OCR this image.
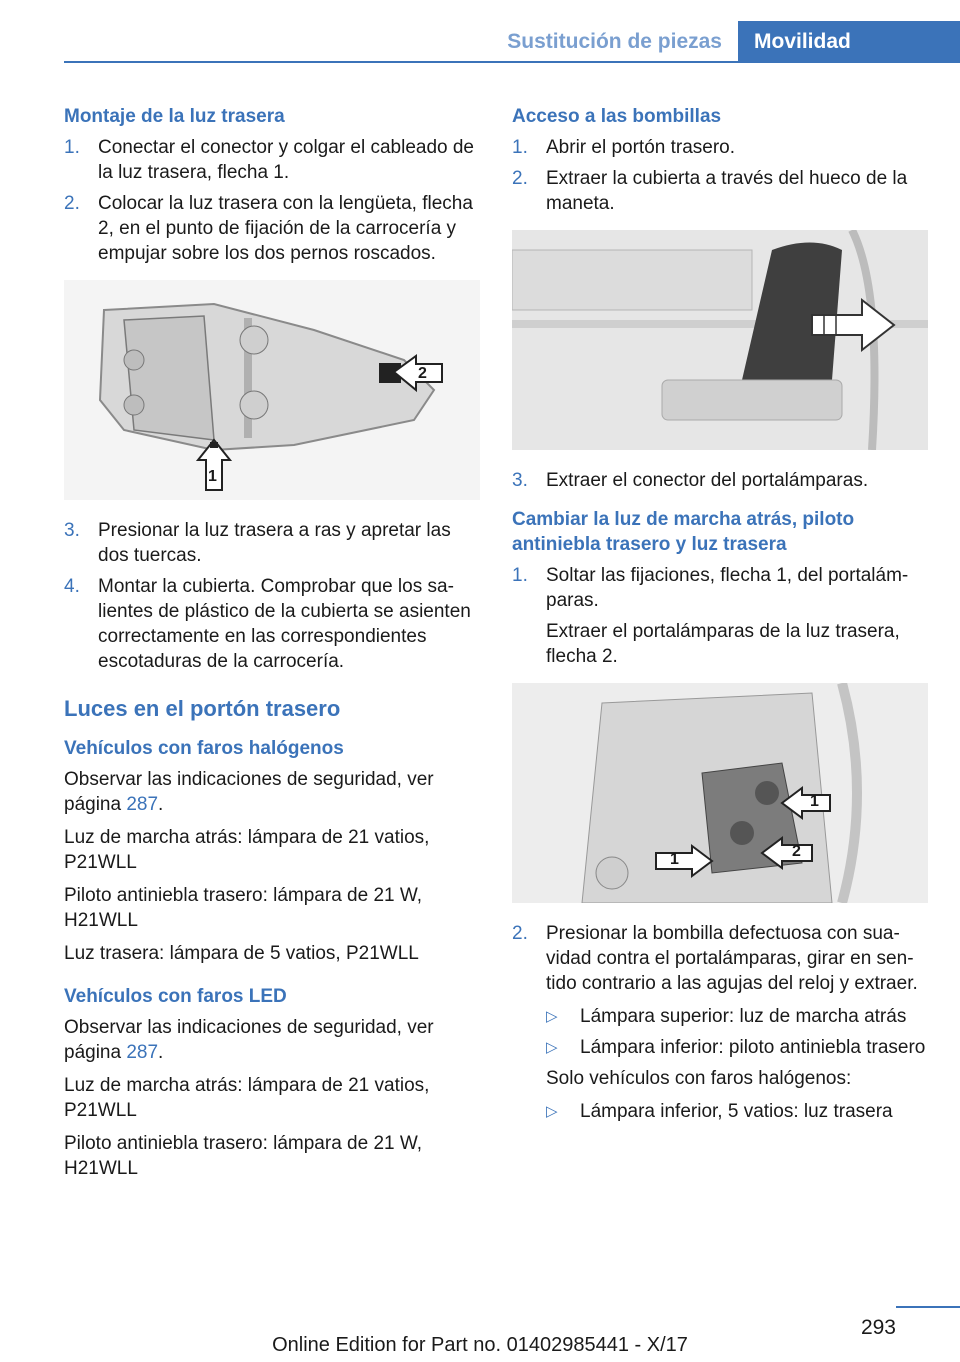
Sustitución de piezas	Movilidad
Montaje de la luz trasera
1. Conectar el conector y colgar el cableado de la luz trasera, flecha 1.
2. Colocar la luz trasera con la lengüeta, flecha 2, en el punto de fijación de la carrocería y empujar sobre los dos pernos roscados.
1
2
3. Presionar la luz trasera a ras y apretar las dos tuercas.
4. Montar la cubierta. Comprobar que los salientes de plástico de la cubierta se asienten correctamente en las correspondientes escotaduras de la carrocería.
Luces en el portón trasero
Vehículos con faros halógenos

Observar las indicaciones de seguridad, ver página 287.

Luz de marcha atrás: lámpara de 21 vatios, P21WLL

Piloto antiniebla trasero: lámpara de 21 W, H21WLL

Luz trasera: lámpara de 5 vatios, P21WLL

Vehículos con faros LED

Observar las indicaciones de seguridad, ver página 287.

Luz de marcha atrás: lámpara de 21 vatios, P21WLL

Piloto antiniebla trasero: lámpara de 21 W, H21WLL

Acceso a las bombillas
1. Abrir el portón trasero.
2. Extraer la cubierta a través del hueco de la maneta.
3. Extraer el conector del portalámparas.
Cambiar la luz de marcha atrás, piloto antiniebla trasero y luz trasera
1. Soltar las fijaciones, flecha 1, del portalámparas.

Extraer el portalámparas de la luz trasera, flecha 2.

1
1	2
2. Presionar la bombilla defectuosa con suavidad contra el portalámparas, girar en sentido contrario a las agujas del reloj y extraer.
▷	Lámpara superior: luz de marcha atrás
▷	Lámpara inferior: piloto antiniebla trasero

Solo vehículos con faros halógenos:

▷	Lámpara inferior, 5 vatios: luz trasera
293
Online Edition for Part no. 01402985441 - X/17
